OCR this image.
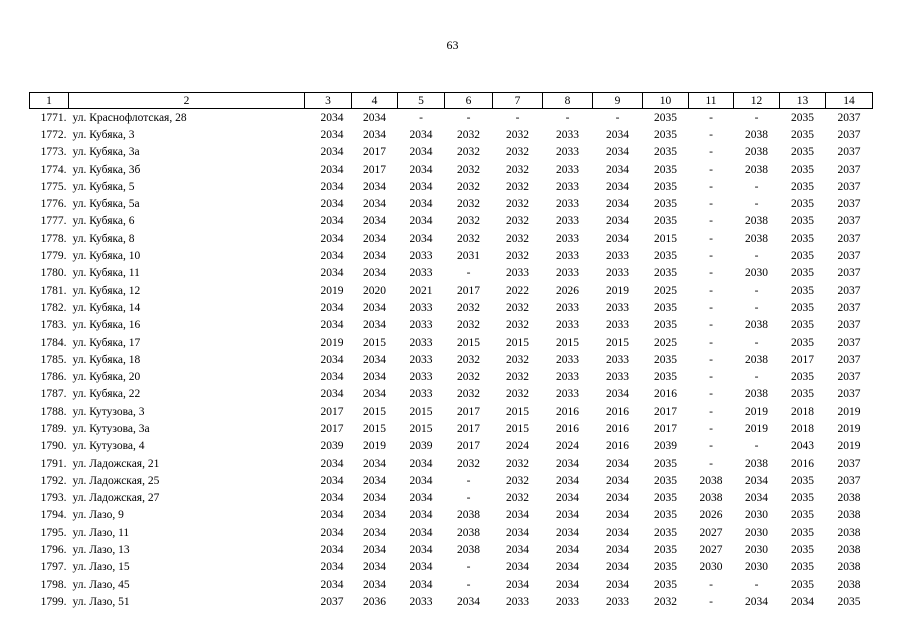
63
1	2	3	4	5	6	7	8	9	10	11	12	13	14
1771.	ул. Краснофлотская, 28	2034	2034	-	-	-	-	-	2035	-	-	2035	2037
1772.	ул. Кубяка, 3	2034	2034	2034	2032	2032	2033	2034	2035	-	2038	2035	2037
1773.	ул. Кубяка, 3а	2034	2017	2034	2032	2032	2033	2034	2035	-	2038	2035	2037
1774.	ул. Кубяка, 3б	2034	2017	2034	2032	2032	2033	2034	2035	-	2038	2035	2037
1775.	ул. Кубяка, 5	2034	2034	2034	2032	2032	2033	2034	2035	-	-	2035	2037
1776.	ул. Кубяка, 5а	2034	2034	2034	2032	2032	2033	2034	2035	-	-	2035	2037
1777.	ул. Кубяка, 6	2034	2034	2034	2032	2032	2033	2034	2035	-	2038	2035	2037
1778.	ул. Кубяка, 8	2034	2034	2034	2032	2032	2033	2034	2015	-	2038	2035	2037
1779.	ул. Кубяка, 10	2034	2034	2033	2031	2032	2033	2033	2035	-	-	2035	2037
1780.	ул. Кубяка, 11	2034	2034	2033	-	2033	2033	2033	2035	-	2030	2035	2037
1781.	ул. Кубяка, 12	2019	2020	2021	2017	2022	2026	2019	2025	-	-	2035	2037
1782.	ул. Кубяка, 14	2034	2034	2033	2032	2032	2033	2033	2035	-	-	2035	2037
1783.	ул. Кубяка, 16	2034	2034	2033	2032	2032	2033	2033	2035	-	2038	2035	2037
1784.	ул. Кубяка, 17	2019	2015	2033	2015	2015	2015	2015	2025	-	-	2035	2037
1785.	ул. Кубяка, 18	2034	2034	2033	2032	2032	2033	2033	2035	-	2038	2017	2037
1786.	ул. Кубяка, 20	2034	2034	2033	2032	2032	2033	2033	2035	-	-	2035	2037
1787.	ул. Кубяка, 22	2034	2034	2033	2032	2032	2033	2034	2016	-	2038	2035	2037
1788.	ул. Кутузова, 3	2017	2015	2015	2017	2015	2016	2016	2017	-	2019	2018	2019
1789.	ул. Кутузова, 3а	2017	2015	2015	2017	2015	2016	2016	2017	-	2019	2018	2019
1790.	ул. Кутузова, 4	2039	2019	2039	2017	2024	2024	2016	2039	-	-	2043	2019
1791.	ул. Ладожская, 21	2034	2034	2034	2032	2032	2034	2034	2035	-	2038	2016	2037
1792.	ул. Ладожская, 25	2034	2034	2034	-	2032	2034	2034	2035	2038	2034	2035	2037
1793.	ул. Ладожская, 27	2034	2034	2034	-	2032	2034	2034	2035	2038	2034	2035	2038
1794.	ул. Лазо, 9	2034	2034	2034	2038	2034	2034	2034	2035	2026	2030	2035	2038
1795.	ул. Лазо, 11	2034	2034	2034	2038	2034	2034	2034	2035	2027	2030	2035	2038
1796.	ул. Лазо, 13	2034	2034	2034	2038	2034	2034	2034	2035	2027	2030	2035	2038
1797.	ул. Лазо, 15	2034	2034	2034	-	2034	2034	2034	2035	2030	2030	2035	2038
1798.	ул. Лазо, 45	2034	2034	2034	-	2034	2034	2034	2035	-	-	2035	2038
1799.	ул. Лазо, 51	2037	2036	2033	2034	2033	2033	2033	2032	-	2034	2034	2035
